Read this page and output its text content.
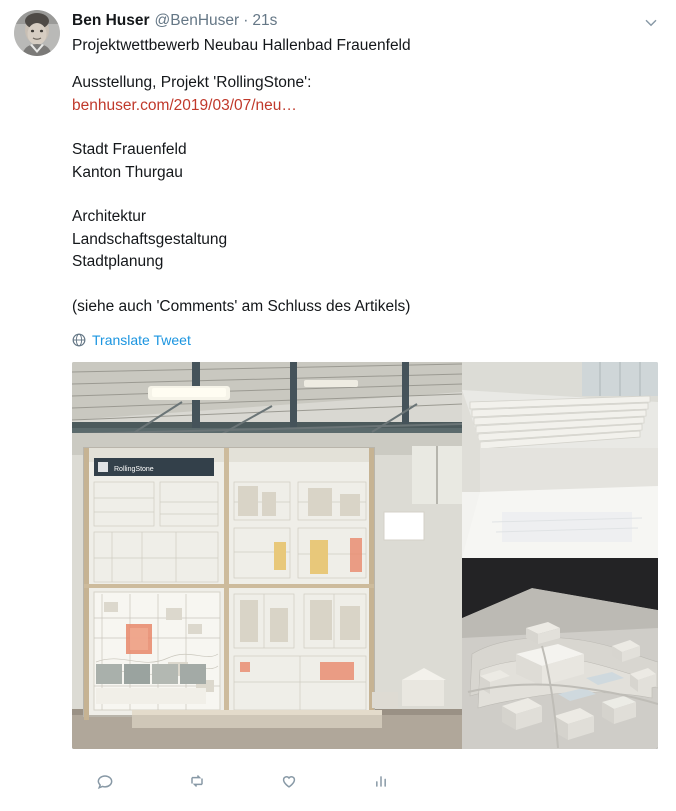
Ben Huser @BenHuser · 21s
Projektwettbewerb Neubau Hallenbad Frauenfeld
Ausstellung, Projekt 'RollingStone':
benhuser.com/2019/03/07/neu…
Stadt Frauenfeld
Kanton Thurgau
Architektur
Landschaftsgestaltung
Stadtplanung
(siehe auch 'Comments' am Schluss des Artikels)
Translate Tweet
RollingStone
